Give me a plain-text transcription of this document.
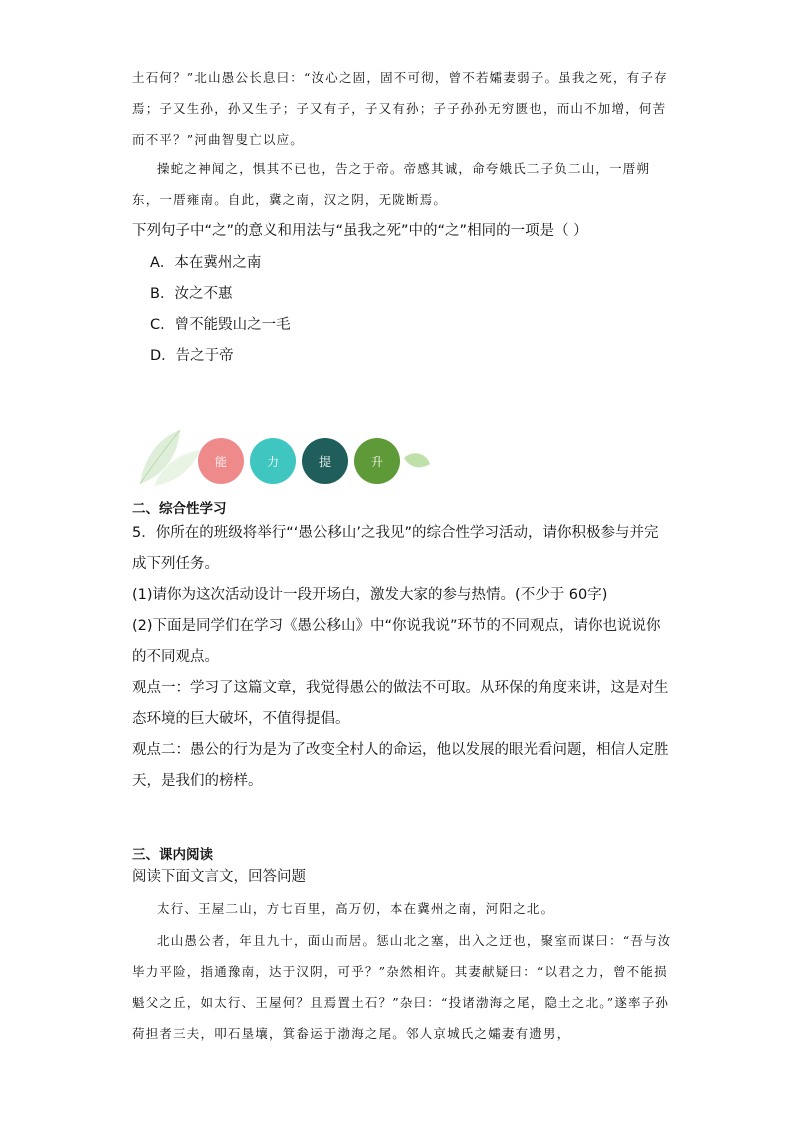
土石何？”北山愚公长息曰：“汝心之固，固不可彻，曾不若孀妻弱子。虽我之死，有子存焉；子又生孙，孙又生子；子又有子，子又有孙；子子孙孙无穷匮也，而山不加增，何苦而不平？”河曲智叟亡以应。

操蛇之神闻之，惧其不已也，告之于帝。帝感其诚，命夸娥氏二子负二山，一厝朔东，一厝雍南。自此，冀之南，汉之阴，无陇断焉。

下列句子中“之”的意义和用法与“虽我之死”中的“之”相同的一项是（ ）

A．本在冀州之南

B．汝之不惠

C．曾不能毁山之一毛

D．告之于帝

能	力	提	升

二、综合性学习

5．你所在的班级将举行“‘愚公移山’之我见”的综合性学习活动，请你积极参与并完成下列任务。

(1)请你为这次活动设计一段开场白，激发大家的参与热情。(不少于 60字)

(2)下面是同学们在学习《愚公移山》中“你说我说”环节的不同观点，请你也说说你的不同观点。

观点一：学习了这篇文章，我觉得愚公的做法不可取。从环保的角度来讲，这是对生态环境的巨大破坏，不值得提倡。

观点二：愚公的行为是为了改变全村人的命运，他以发展的眼光看问题，相信人定胜天，是我们的榜样。

三、课内阅读

阅读下面文言文，回答问题

太行、王屋二山，方七百里，高万仞，本在冀州之南，河阳之北。

北山愚公者，年且九十，面山而居。惩山北之塞，出入之迂也，聚室而谋曰：“吾与汝毕力平险，指通豫南，达于汉阴，可乎？”杂然相许。其妻献疑曰：“以君之力，曾不能损魁父之丘，如太行、王屋何？且焉置土石？”杂曰：“投诸渤海之尾，隐土之北。”遂率子孙荷担者三夫，叩石垦壤，箕畚运于渤海之尾。邻人京城氏之孀妻有遗男，
